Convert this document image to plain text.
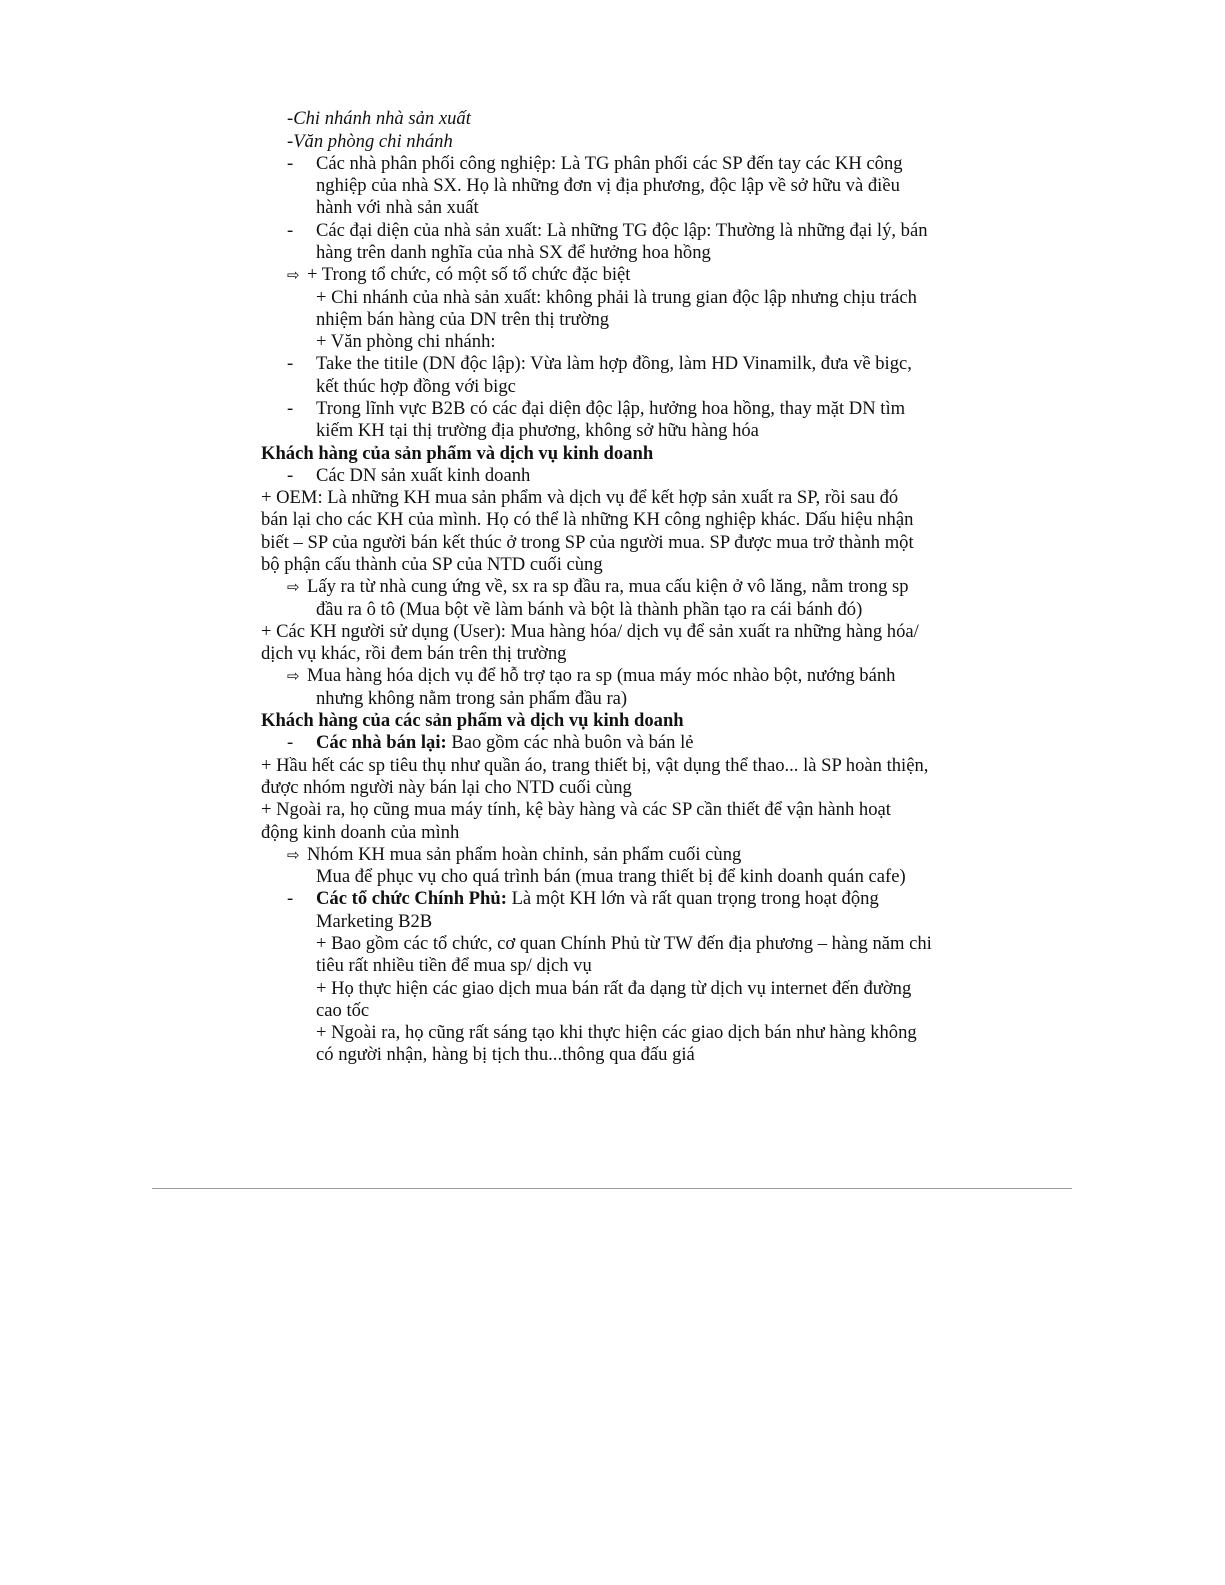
-Chi nhánh nhà sản xuất
-Văn phòng chi nhánh
- Các nhà phân phối công nghiệp: Là TG phân phối các SP đến tay các KH công
nghiệp của nhà SX. Họ là những đơn vị địa phương, độc lập về sở hữu và điều
hành với nhà sản xuất
- Các đại diện của nhà sản xuất: Là những TG độc lập: Thường là những đại lý, bán
hàng trên danh nghĩa của nhà SX để hưởng hoa hồng
⇨ + Trong tổ chức, có một số tổ chức đặc biệt
+ Chi nhánh của nhà sản xuất: không phải là trung gian độc lập nhưng chịu trách
nhiệm bán hàng của DN trên thị trường
+ Văn phòng chi nhánh:
- Take the titile (DN độc lập): Vừa làm hợp đồng, làm HD Vinamilk, đưa về bigc,
kết thúc hợp đồng với bigc
- Trong lĩnh vực B2B có các đại diện độc lập, hưởng hoa hồng, thay mặt DN tìm
kiếm KH tại thị trường địa phương, không sở hữu hàng hóa
Khách hàng của sản phẩm và dịch vụ kinh doanh
- Các DN sản xuất kinh doanh
+ OEM: Là những KH mua sản phẩm và dịch vụ để kết hợp sản xuất ra SP, rồi sau đó
bán lại cho các KH của mình. Họ có thể là những KH công nghiệp khác. Dấu hiệu nhận
biết – SP của người bán kết thúc ở trong SP của người mua. SP được mua trở thành một
bộ phận cấu thành của SP của NTD cuối cùng
⇨ Lấy ra từ nhà cung ứng về, sx ra sp đầu ra, mua cấu kiện ở vô lăng, nằm trong sp
đầu ra ô tô (Mua bột về làm bánh và bột là thành phần tạo ra cái bánh đó)
+ Các KH người sử dụng (User): Mua hàng hóa/ dịch vụ để sản xuất ra những hàng hóa/
dịch vụ khác, rồi đem bán trên thị trường
⇨ Mua hàng hóa dịch vụ để hỗ trợ tạo ra sp (mua máy móc nhào bột, nướng bánh
nhưng không nằm trong sản phẩm đầu ra)
Khách hàng của các sản phẩm và dịch vụ kinh doanh
- Các nhà bán lại: Bao gồm các nhà buôn và bán lẻ
+ Hầu hết các sp tiêu thụ như quần áo, trang thiết bị, vật dụng thể thao... là SP hoàn thiện,
được nhóm người này bán lại cho NTD cuối cùng
+ Ngoài ra, họ cũng mua máy tính, kệ bày hàng và các SP cần thiết để vận hành hoạt
động kinh doanh của mình
⇨ Nhóm KH mua sản phẩm hoàn chỉnh, sản phẩm cuối cùng
Mua để phục vụ cho quá trình bán (mua trang thiết bị để kinh doanh quán cafe)
- Các tổ chức Chính Phủ: Là một KH lớn và rất quan trọng trong hoạt động
Marketing B2B
+ Bao gồm các tổ chức, cơ quan Chính Phủ từ TW đến địa phương – hàng năm chi
tiêu rất nhiều tiền để mua sp/ dịch vụ
+ Họ thực hiện các giao dịch mua bán rất đa dạng từ dịch vụ internet đến đường
cao tốc
+ Ngoài ra, họ cũng rất sáng tạo khi thực hiện các giao dịch bán như hàng không
có người nhận, hàng bị tịch thu...thông qua đấu giá
